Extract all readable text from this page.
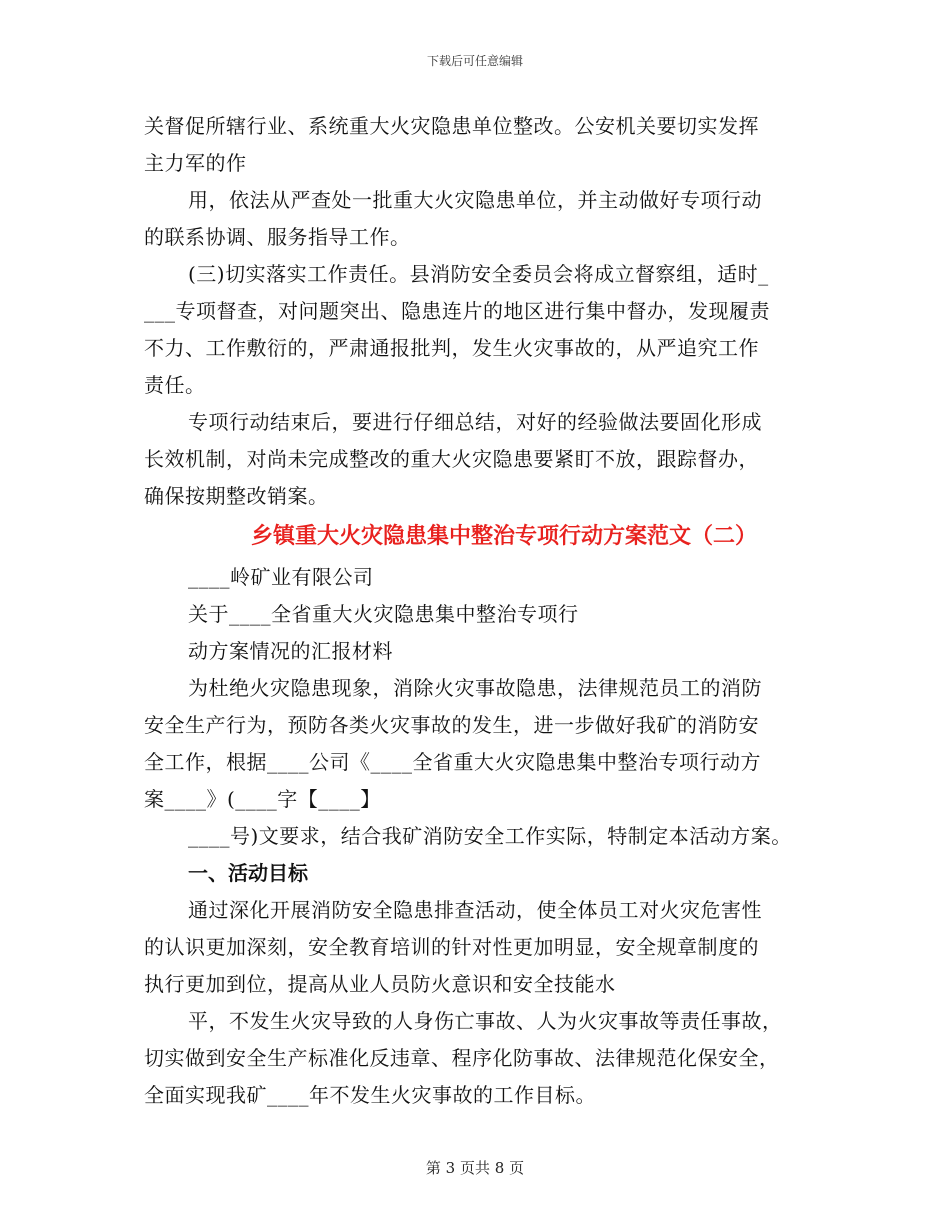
下载后可任意编辑
关督促所辖行业、系统重大火灾隐患单位整改。公安机关要切实发挥
主力军的作
用，依法从严查处一批重大火灾隐患单位，并主动做好专项行动
的联系协调、服务指导工作。
(三)切实落实工作责任。县消防安全委员会将成立督察组，适时_
___专项督查，对问题突出、隐患连片的地区进行集中督办，发现履责
不力、工作敷衍的，严肃通报批判，发生火灾事故的，从严追究工作
责任。
专项行动结束后，要进行仔细总结，对好的经验做法要固化形成
长效机制，对尚未完成整改的重大火灾隐患要紧盯不放，跟踪督办，
确保按期整改销案。
乡镇重大火灾隐患集中整治专项行动方案范文（二）
____岭矿业有限公司
关于____全省重大火灾隐患集中整治专项行
动方案情况的汇报材料
为杜绝火灾隐患现象，消除火灾事故隐患，法律规范员工的消防
安全生产行为，预防各类火灾事故的发生，进一步做好我矿的消防安
全工作，根据____公司《____全省重大火灾隐患集中整治专项行动方
案____》(____字【____】
____号)文要求，结合我矿消防安全工作实际，特制定本活动方案。
一、活动目标
通过深化开展消防安全隐患排查活动，使全体员工对火灾危害性
的认识更加深刻，安全教育培训的针对性更加明显，安全规章制度的
执行更加到位，提高从业人员防火意识和安全技能水
平，不发生火灾导致的人身伤亡事故、人为火灾事故等责任事故，
切实做到安全生产标准化反违章、程序化防事故、法律规范化保安全，
全面实现我矿____年不发生火灾事故的工作目标。
第 3 页共 8 页
